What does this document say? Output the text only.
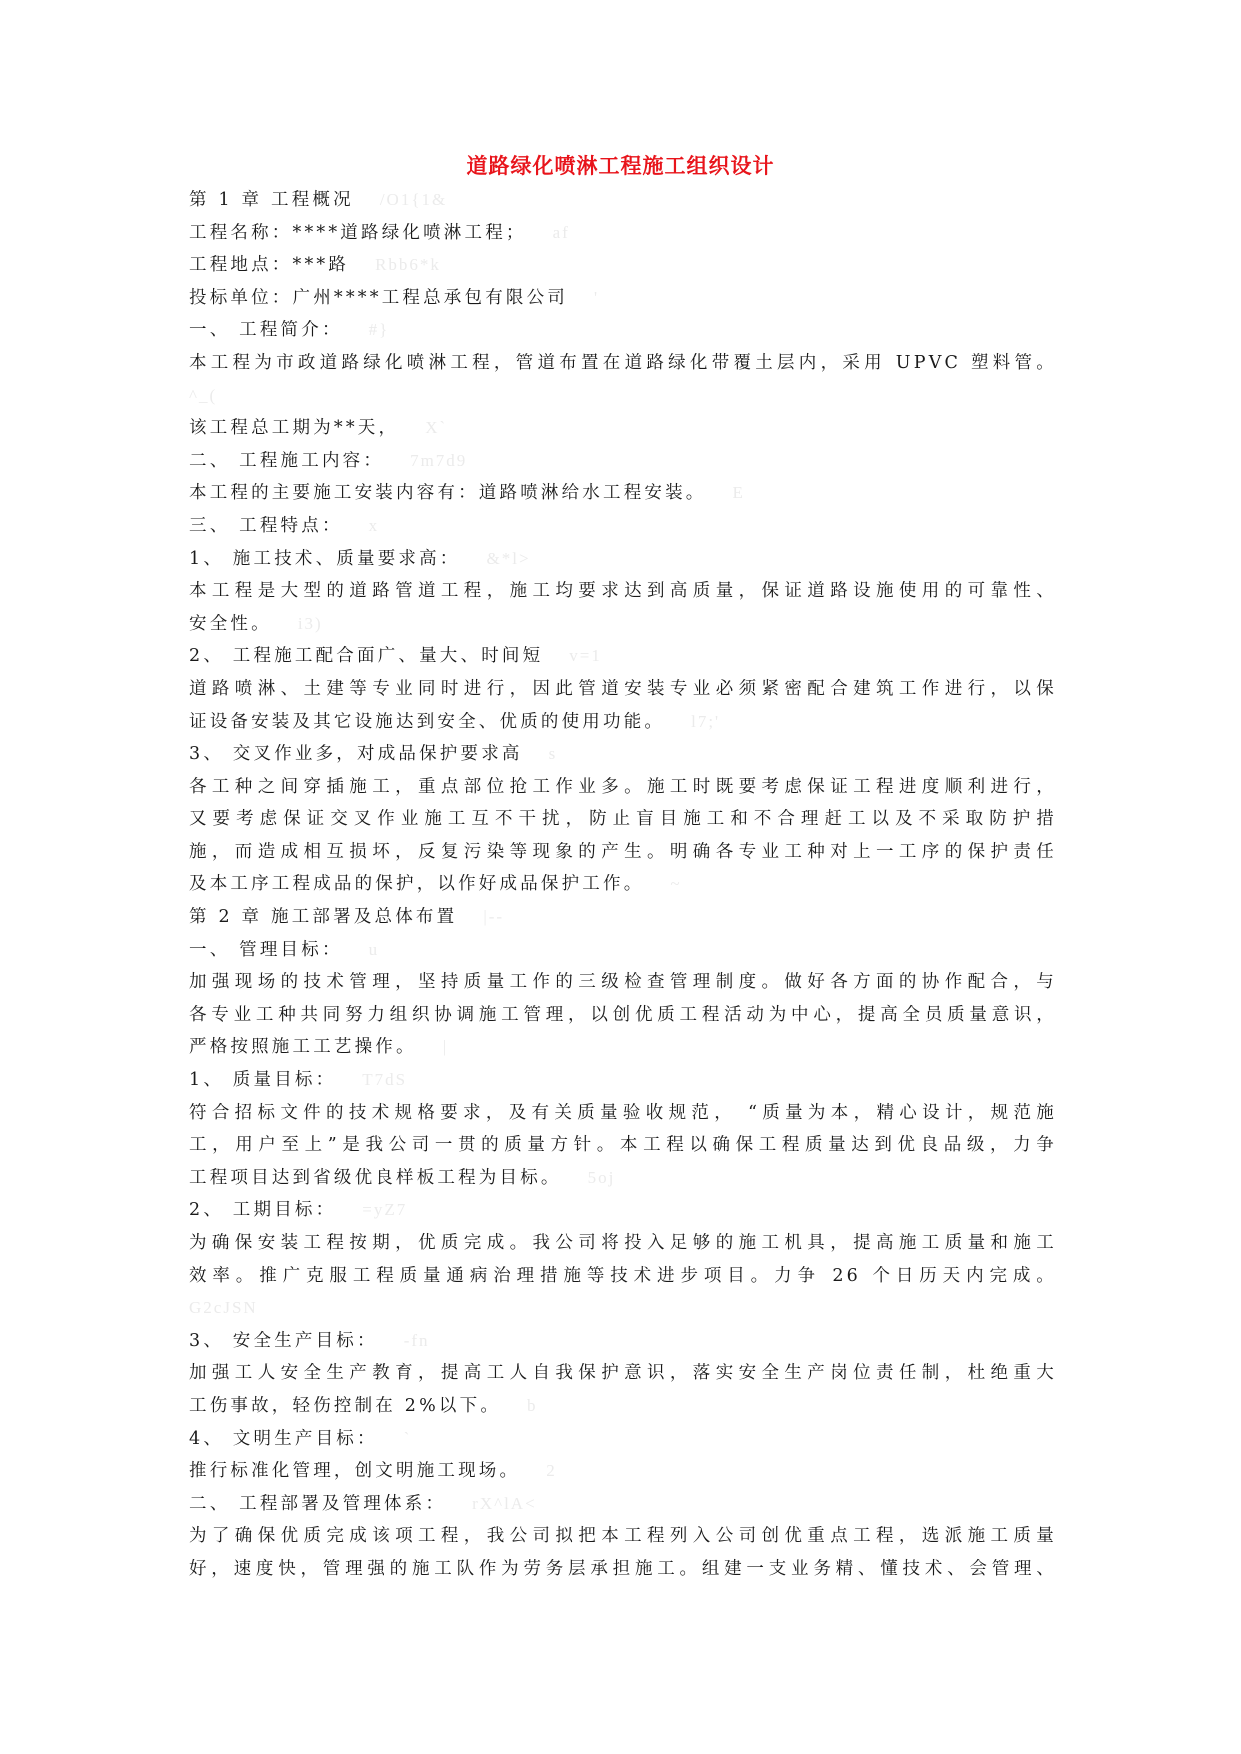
道路绿化喷淋工程施工组织设计
第 1 章 工程概况 /O1{1&
工程名称：****道路绿化喷淋工程； af
工程地点：***路 Rbb6*k
投标单位：广州****工程总承包有限公司 '
一、 工程简介： #}
本工程为市政道路绿化喷淋工程，管道布置在道路绿化带覆土层内，采用 UPVC 塑料管。
^_(
该工程总工期为**天， X`
二、 工程施工内容： 7m7d9
本工程的主要施工安装内容有：道路喷淋给水工程安装。 E
三、 工程特点： x
1、 施工技术、质量要求高： &*l>
本工程是大型的道路管道工程，施工均要求达到高质量，保证道路设施使用的可靠性、
安全性。 i3)
2、 工程施工配合面广、量大、时间短 v=1
道路喷淋、土建等专业同时进行，因此管道安装专业必须紧密配合建筑工作进行，以保
证设备安装及其它设施达到安全、优质的使用功能。 l7;'
3、 交叉作业多，对成品保护要求高 s
各工种之间穿插施工，重点部位抢工作业多。施工时既要考虑保证工程进度顺利进行，
又要考虑保证交叉作业施工互不干扰，防止盲目施工和不合理赶工以及不采取防护措
施，而造成相互损坏，反复污染等现象的产生。明确各专业工种对上一工序的保护责任
及本工序工程成品的保护，以作好成品保护工作。 ~
第 2 章 施工部署及总体布置 |--
一、 管理目标： u
加强现场的技术管理，坚持质量工作的三级检查管理制度。做好各方面的协作配合，与
各专业工种共同努力组织协调施工管理，以创优质工程活动为中心，提高全员质量意识，
严格按照施工工艺操作。 |
1、 质量目标： T7dS
符合招标文件的技术规格要求，及有关质量验收规范， “质量为本，精心设计，规范施
工，用户至上”是我公司一贯的质量方针。本工程以确保工程质量达到优良品级，力争
工程项目达到省级优良样板工程为目标。 5oj
2、 工期目标： =yZ7
为确保安装工程按期，优质完成。我公司将投入足够的施工机具，提高施工质量和施工
效率。推广克服工程质量通病治理措施等技术进步项目。力争 26 个日历天内完成。
G2cJSN
3、 安全生产目标： -fn
加强工人安全生产教育，提高工人自我保护意识，落实安全生产岗位责任制，杜绝重大
工伤事故，轻伤控制在 2%以下。 b
4、 文明生产目标： `
推行标准化管理，创文明施工现场。 2
二、 工程部署及管理体系： rX^lA<
为了确保优质完成该项工程，我公司拟把本工程列入公司创优重点工程，选派施工质量
好，速度快，管理强的施工队作为劳务层承担施工。组建一支业务精、懂技术、会管理、
